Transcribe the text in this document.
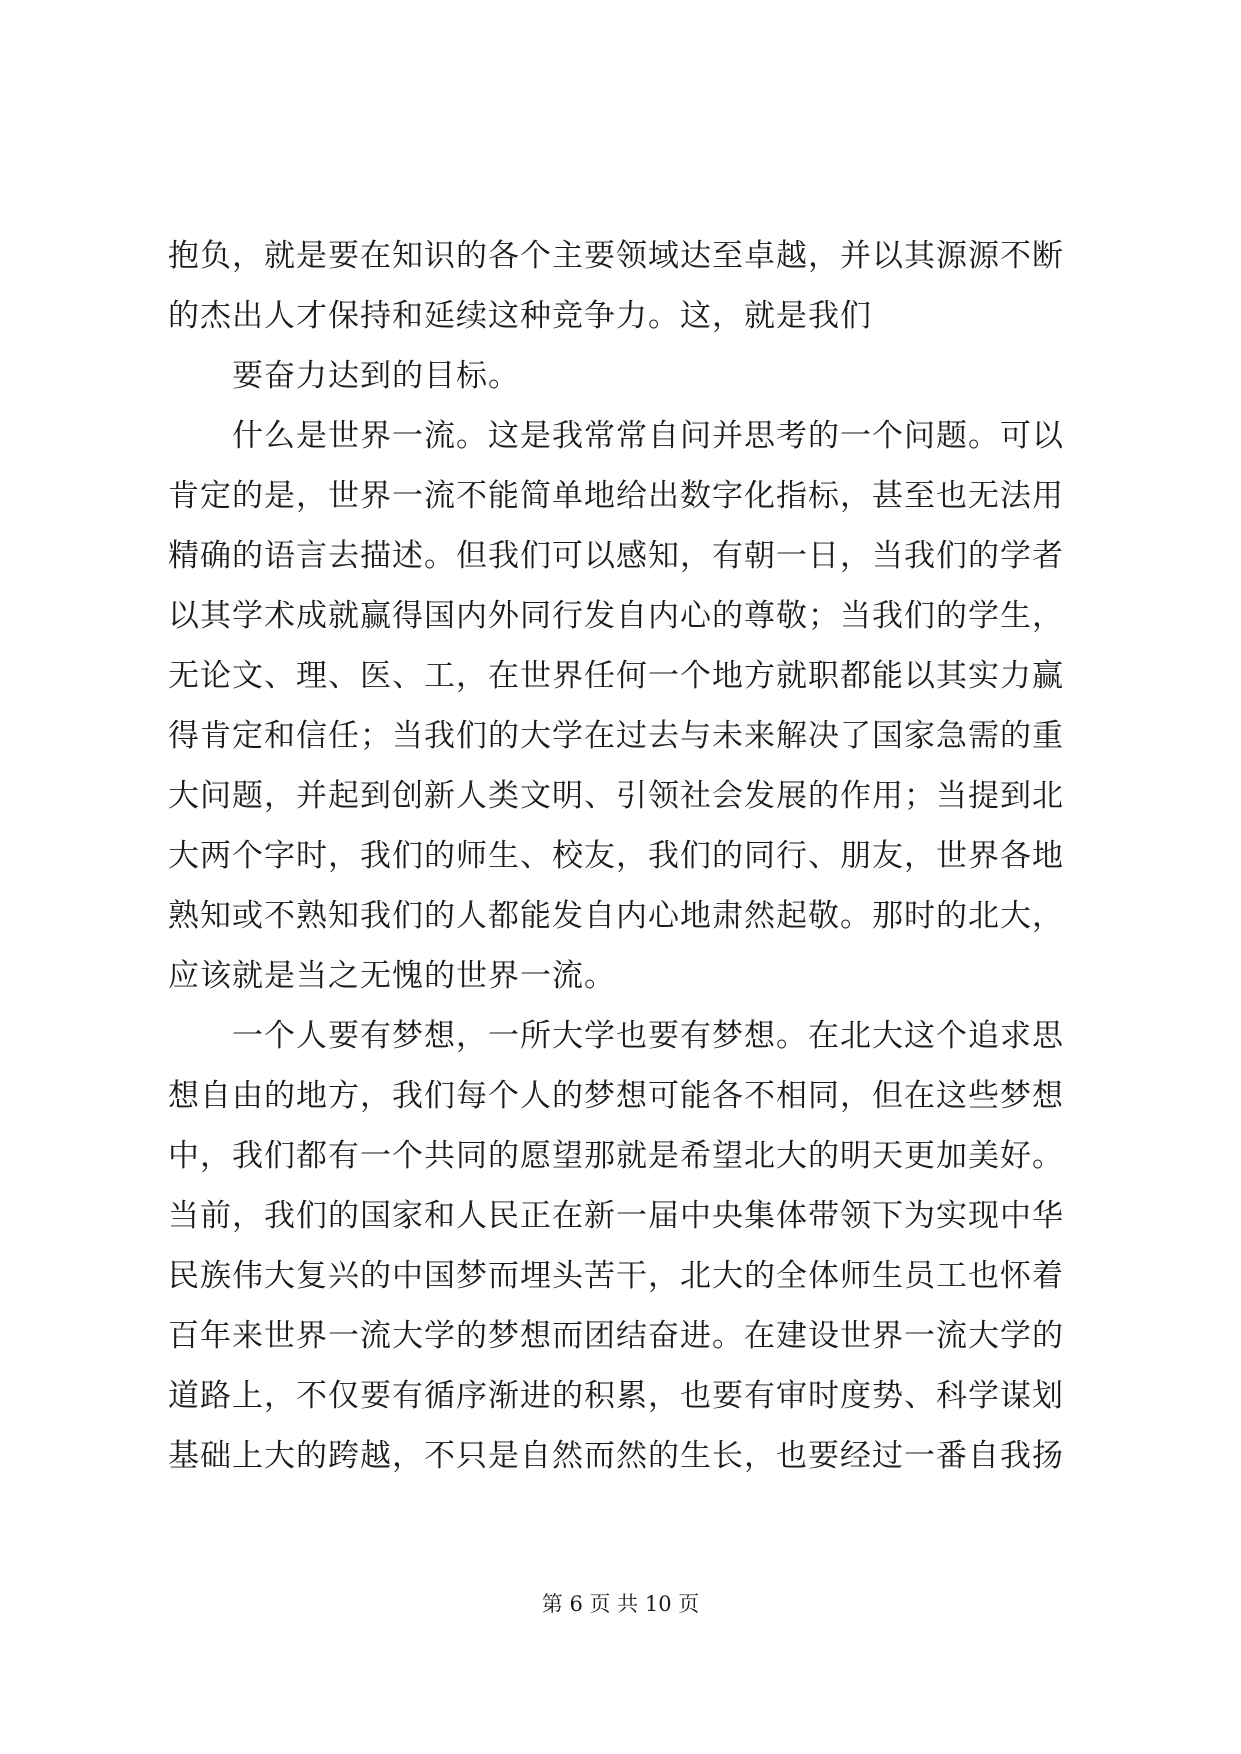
抱负，就是要在知识的各个主要领域达至卓越，并以其源源不断
的杰出人才保持和延续这种竞争力。这，就是我们
要奋力达到的目标。
什么是世界一流。这是我常常自问并思考的一个问题。可以
肯定的是，世界一流不能简单地给出数字化指标，甚至也无法用
精确的语言去描述。但我们可以感知，有朝一日，当我们的学者
以其学术成就赢得国内外同行发自内心的尊敬；当我们的学生，
无论文、理、医、工，在世界任何一个地方就职都能以其实力赢
得肯定和信任；当我们的大学在过去与未来解决了国家急需的重
大问题，并起到创新人类文明、引领社会发展的作用；当提到北
大两个字时，我们的师生、校友，我们的同行、朋友，世界各地
熟知或不熟知我们的人都能发自内心地肃然起敬。那时的北大，
应该就是当之无愧的世界一流。
一个人要有梦想，一所大学也要有梦想。在北大这个追求思
想自由的地方，我们每个人的梦想可能各不相同，但在这些梦想
中，我们都有一个共同的愿望那就是希望北大的明天更加美好。
当前，我们的国家和人民正在新一届中央集体带领下为实现中华
民族伟大复兴的中国梦而埋头苦干，北大的全体师生员工也怀着
百年来世界一流大学的梦想而团结奋进。在建设世界一流大学的
道路上，不仅要有循序渐进的积累，也要有审时度势、科学谋划
基础上大的跨越，不只是自然而然的生长，也要经过一番自我扬
第 6 页 共 10 页
